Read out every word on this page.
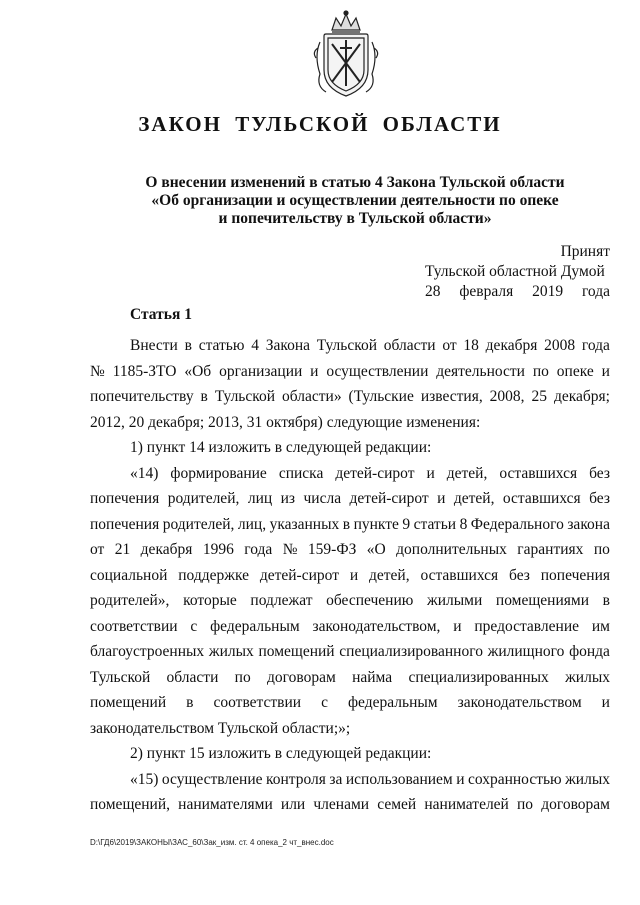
ЗАКОН ТУЛЬСКОЙ ОБЛАСТИ
О внесении изменений в статью 4 Закона Тульской области
«Об организации и осуществлении деятельности по опеке
и попечительству в Тульской области»
Принят
Тульской областной Думой
28 февраля 2019 года
Статья 1
Внести в статью 4 Закона Тульской области от 18 декабря 2008 года
№ 1185-ЗТО «Об организации и осуществлении деятельности по опеке и
попечительству в Тульской области» (Тульские известия, 2008, 25 декабря;
2012, 20 декабря; 2013, 31 октября) следующие изменения:
1) пункт 14 изложить в следующей редакции:
«14) формирование списка детей-сирот и детей, оставшихся без
попечения родителей, лиц из числа детей-сирот и детей, оставшихся без
попечения родителей, лиц, указанных в пункте 9 статьи 8 Федерального закона
от 21 декабря 1996 года № 159-ФЗ «О дополнительных гарантиях по
социальной поддержке детей-сирот и детей, оставшихся без попечения
родителей», которые подлежат обеспечению жилыми помещениями в
соответствии с федеральным законодательством, и предоставление им
благоустроенных жилых помещений специализированного жилищного фонда
Тульской области по договорам найма специализированных жилых
помещений в соответствии с федеральным законодательством и
законодательством Тульской области;»;
2) пункт 15 изложить в следующей редакции:
«15) осуществление контроля за использованием и сохранностью жилых
помещений, нанимателями или членами семей нанимателей по договорам
D:\ГД6\2019\ЗАКОНЫ\ЗАС_60\Зак_изм. ст. 4 опека_2 чт_внес.doc
